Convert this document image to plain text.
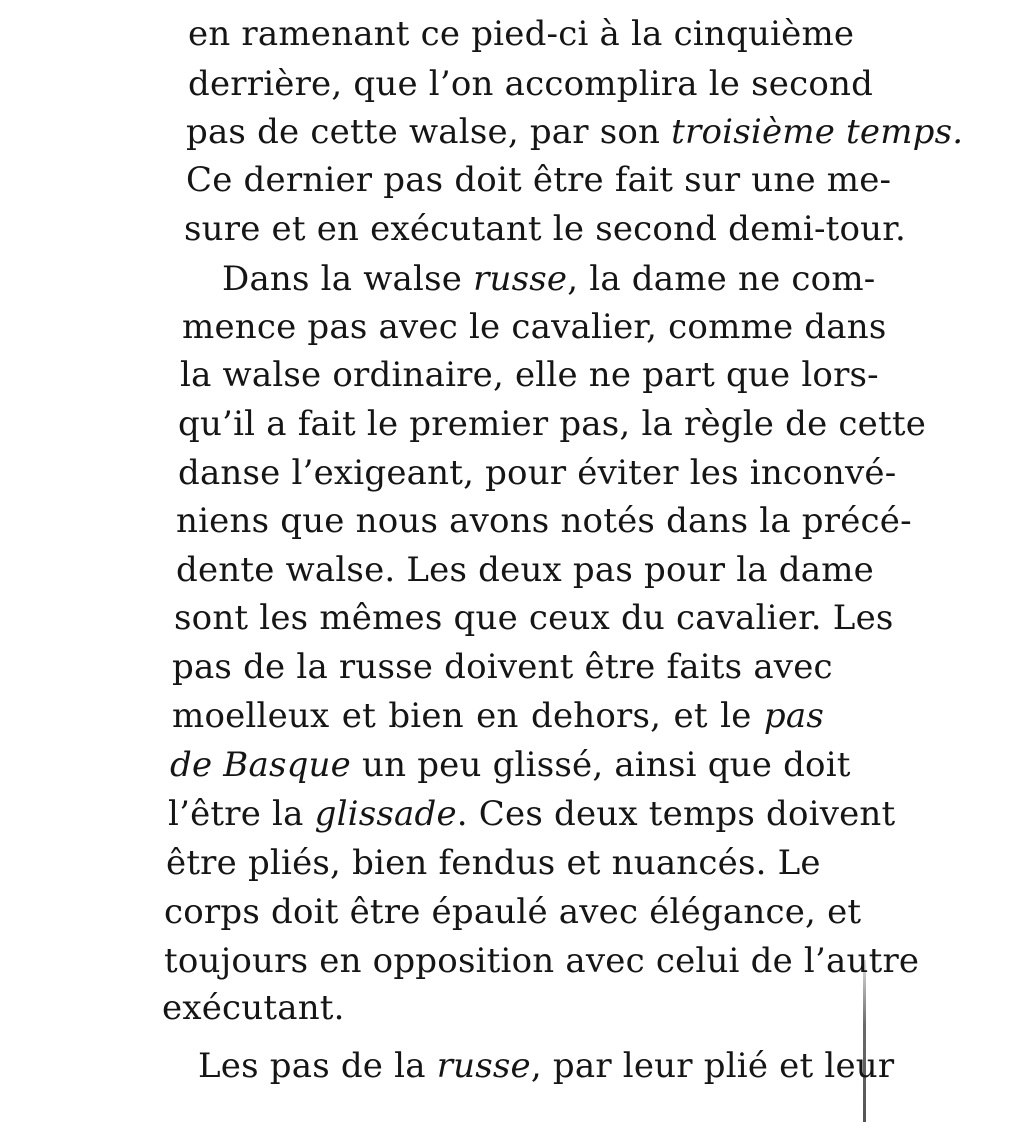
en ramenant ce pied-ci à la cinquième
derrière, que l’on accomplira le second
pas de cette walse, par son troisième temps.
Ce dernier pas doit être fait sur une me-
sure et en exécutant le second demi-tour.
Dans la walse russe, la dame ne com-
mence pas avec le cavalier, comme dans
la walse ordinaire, elle ne part que lors-
qu’il a fait le premier pas, la règle de cette
danse l’exigeant, pour éviter les inconvé-
niens que nous avons notés dans la précé-
dente walse. Les deux pas pour la dame
sont les mêmes que ceux du cavalier. Les
pas de la russe doivent être faits avec
moelleux et bien en dehors, et le pas
de Basque un peu glissé, ainsi que doit
l’être la glissade. Ces deux temps doivent
être pliés, bien fendus et nuancés. Le
corps doit être épaulé avec élégance, et
toujours en opposition avec celui de l’autre
exécutant.
Les pas de la russe, par leur plié et leur
